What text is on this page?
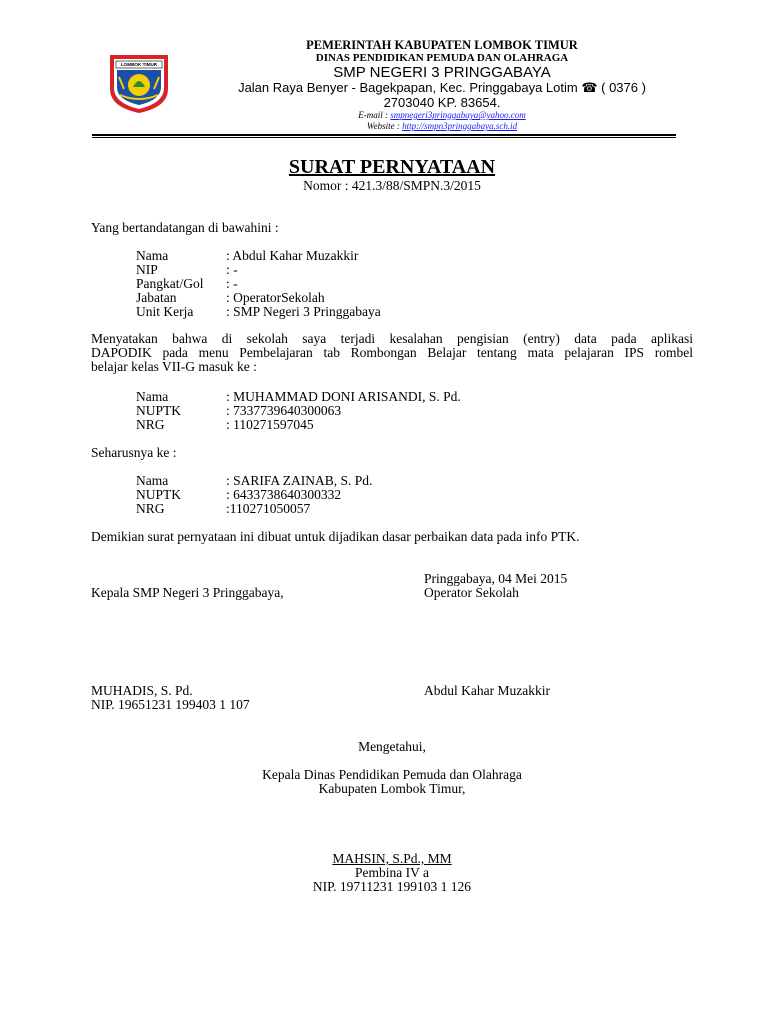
LOMBOK TIMUR
PEMERINTAH KABUPATEN LOMBOK TIMUR
DINAS PENDIDIKAN PEMUDA DAN OLAHRAGA
SMP NEGERI 3 PRINGGABAYA
Jalan Raya Benyer - Bagekpapan, Kec. Pringgabaya Lotim ☎ ( 0376 )
2703040 KP. 83654.
E-mail : smpnegeri3pringgabaya@yahoo.com
Website : http://smpn3pringgabaya.sch.id
SURAT PERNYATAAN
Nomor : 421.3/88/SMPN.3/2015
Yang bertandatangan di bawahini :
Nama	: Abdul Kahar Muzakkir
NIP	: -
Pangkat/Gol : -
Jabatan	: OperatorSekolah
Unit Kerja : SMP Negeri 3 Pringgabaya
Menyatakan bahwa di sekolah saya terjadi kesalahan pengisian (entry) data pada aplikasi
DAPODIK pada menu Pembelajaran tab Rombongan Belajar tentang mata pelajaran IPS rombel
belajar kelas VII-G masuk ke :
Nama	: MUHAMMAD DONI ARISANDI, S. Pd.
NUPTK	: 7337739640300063
NRG	: 110271597045
Seharusnya ke :
Nama	: SARIFA ZAINAB, S. Pd.
NUPTK	: 6433738640300332
NRG	:110271050057
Demikian surat pernyataan ini dibuat untuk dijadikan dasar perbaikan data pada info PTK.
Pringgabaya, 04 Mei 2015
Kepala SMP Negeri 3 Pringgabaya,	Operator Sekolah
MUHADIS, S. Pd.	Abdul Kahar Muzakkir
NIP. 19651231 199403 1 107
Mengetahui,
Kepala Dinas Pendidikan Pemuda dan Olahraga
Kabupaten Lombok Timur,
MAHSIN, S.Pd., MM
Pembina IV a
NIP. 19711231 199103 1 126
